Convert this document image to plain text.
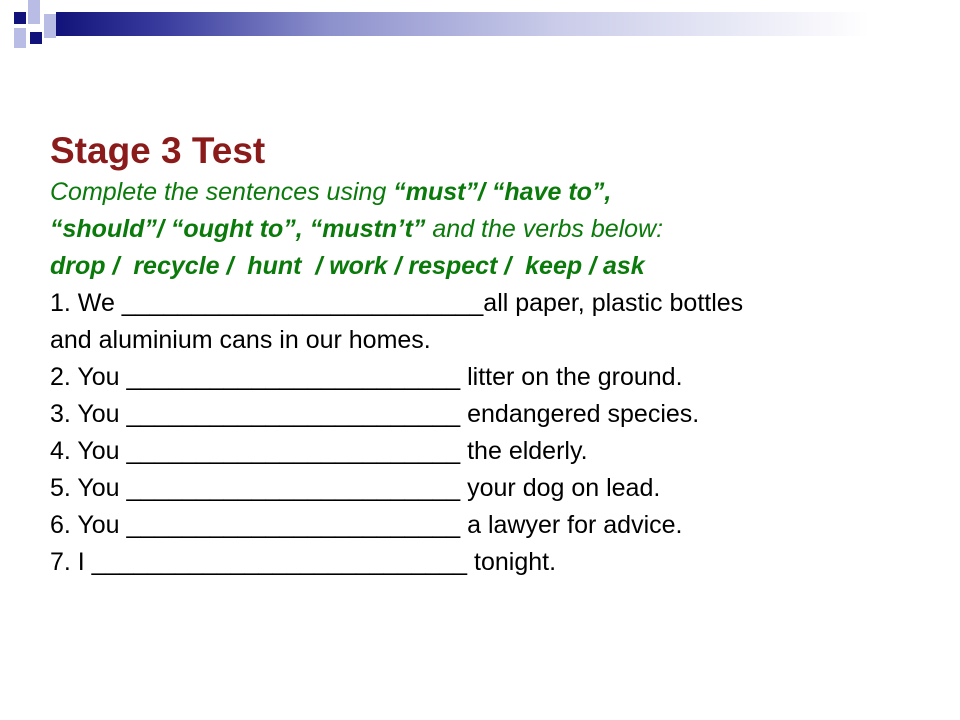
Stage 3 Test
Complete the sentences using “must”/ “have to”,
“should”/ “ought to”, “mustn’t” and the verbs below:
drop /  recycle /  hunt  / work / respect /  keep / ask
1. We __________________________all paper, plastic bottles
and aluminium cans in our homes.
2. You ________________________ litter on the ground.
3. You ________________________ endangered species.
4. You ________________________ the elderly.
5. You ________________________ your dog on lead.
6. You ________________________ a lawyer for advice.
7. I ___________________________ tonight.
